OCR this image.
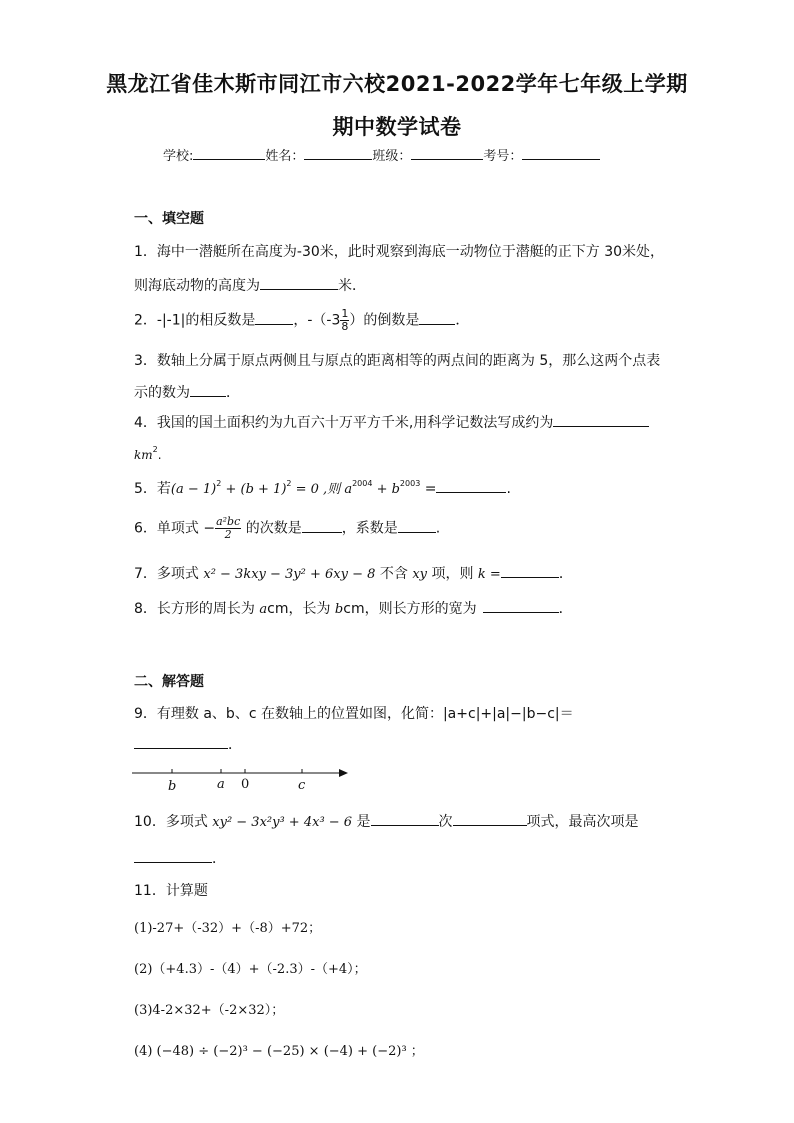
黑龙江省佳木斯市同江市六校2021-2022学年七年级上学期
期中数学试卷
学校:	姓名：	班级：	考号：
一、填空题
1．海中一潜艇所在高度为-30米，此时观察到海底一动物位于潜艇的正下方 30米处，
则海底动物的高度为	米．
2．-|-1|的相反数是	，$-(-3 \frac{1}{8}$ ）的倒数是	．
3．数轴上分属于原点两侧且与原点的距离相等的两点间的距离为 5，那么这两个点表
示的数为	．
4．我国的国土面积约为九百六十万平方千米,用科学记数法写成约为
$km^2$.
5．若$(a - 1)^2 + (b + 1)^2 = 0$ ,则 $a^{2004} + b^{2003}$ =	.
6．单项式 − $\frac{\text{a²bc}}{2}$ 的次数是	，系数是	.
7．多项式 x² − 3kxy − 3y² + 6xy − 8 不含 xy 项，则 k =	．
8．长方形的周长为 acm，长为 bcm，则长方形的宽为	．
二、解答题
9．有理数 a、b、c 在数轴上的位置如图，化简：|a+c|+|a|−|b−c|＝
．
b	a 0	c
10．多项式 xy² − 3x²y³ + 4x³ − 6 是	次	项式，最高次项是
．
11．计算题
(1)-27+（-32）+（-8）+72；
(2)（+4.3）-（4）+（-2.3）-（+4）；
(3)4-2×32+（-2×32）；
(4) (−48) ÷ (−2)³ − (−25) × (−4) + (−2)³ ；
